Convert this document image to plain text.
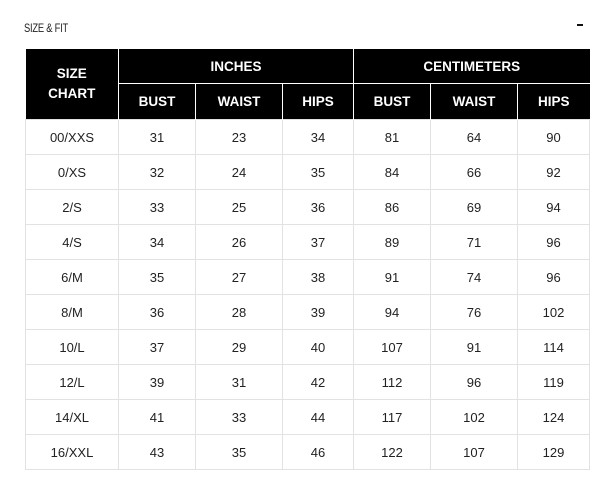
SIZE & FIT
SIZE
CHART	INCHES			CENTIMETERS		
	BUST	WAIST	HIPS	BUST	WAIST	HIPS
00/XXS	31	23	34	81	64	90
0/XS	32	24	35	84	66	92
2/S	33	25	36	86	69	94
4/S	34	26	37	89	71	96
6/M	35	27	38	91	74	96
8/M	36	28	39	94	76	102
10/L	37	29	40	107	91	114
12/L	39	31	42	112	96	119
14/XL	41	33	44	117	102	124
16/XXL	43	35	46	122	107	129
